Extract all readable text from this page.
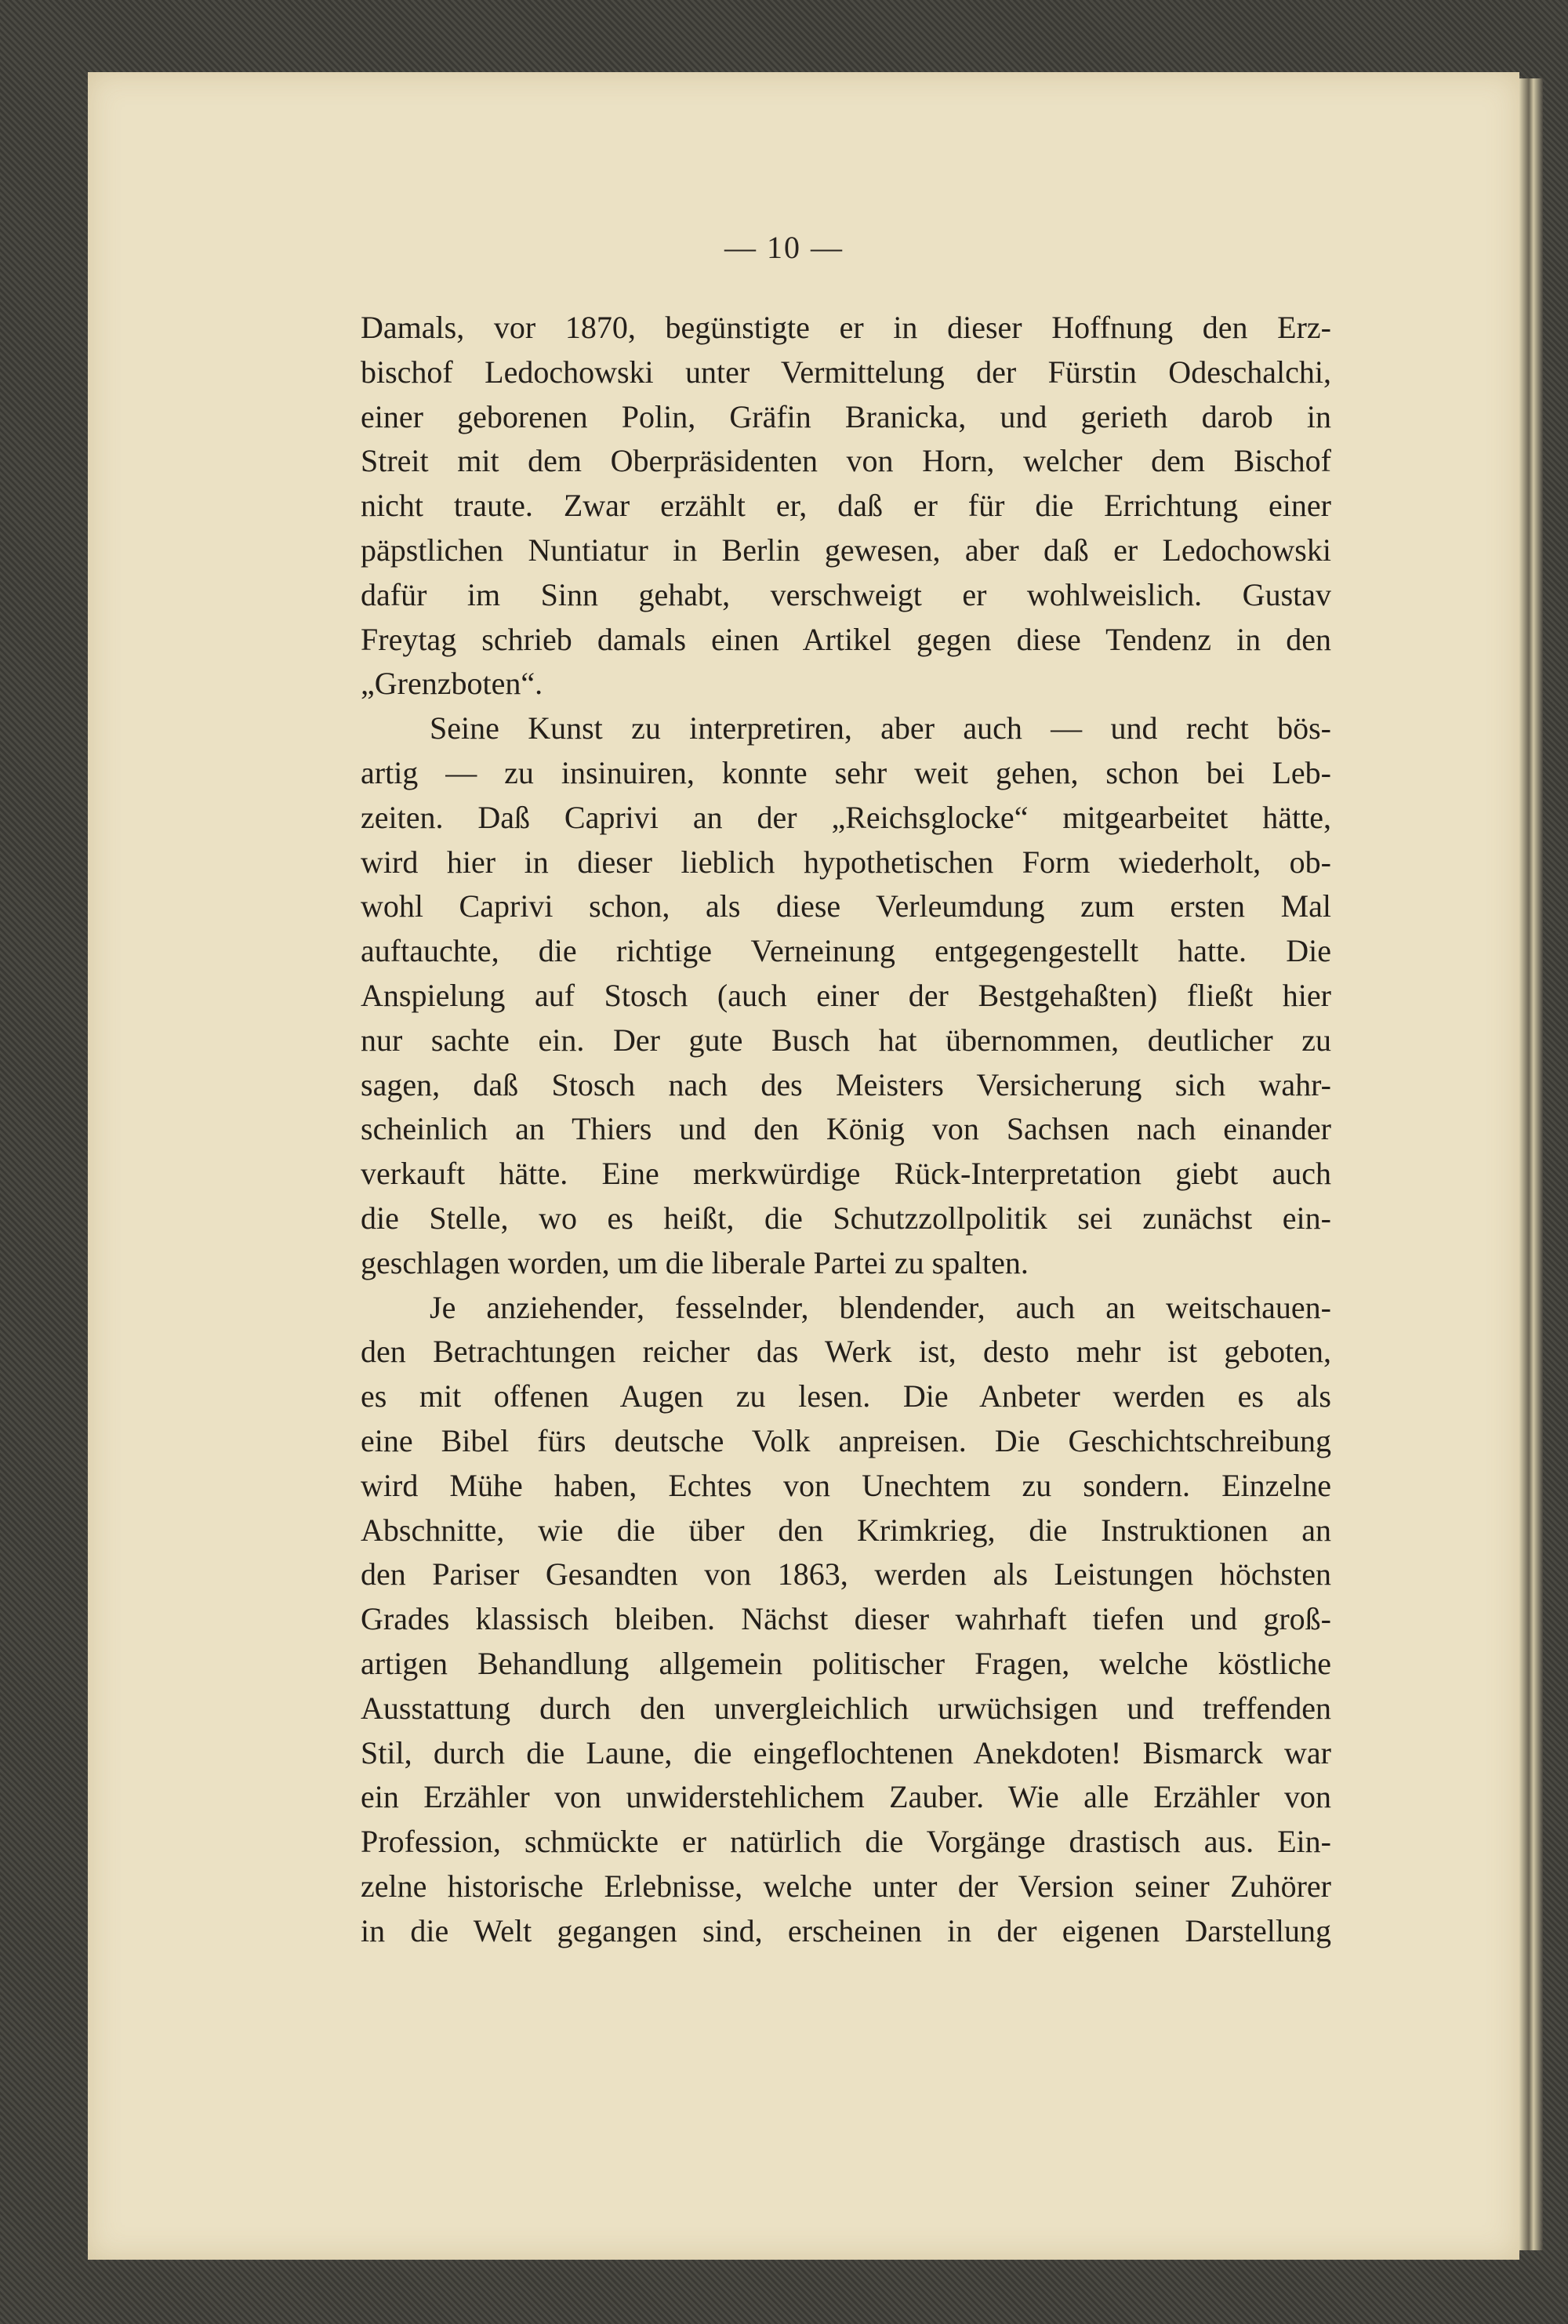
— 10 —
Damals, vor 1870, begünstigte er in dieser Hoffnung den Erz-
bischof Ledochowski unter Vermittelung der Fürstin Odeschalchi,
einer geborenen Polin, Gräfin Branicka, und gerieth darob in
Streit mit dem Oberpräsidenten von Horn, welcher dem Bischof
nicht traute. Zwar erzählt er, daß er für die Errichtung einer
päpstlichen Nuntiatur in Berlin gewesen, aber daß er Ledochowski
dafür im Sinn gehabt, verschweigt er wohlweislich. Gustav
Freytag schrieb damals einen Artikel gegen diese Tendenz in den
„Grenzboten“.
Seine Kunst zu interpretiren, aber auch — und recht bös-
artig — zu insinuiren, konnte sehr weit gehen, schon bei Leb-
zeiten. Daß Caprivi an der „Reichsglocke“ mitgearbeitet hätte,
wird hier in dieser lieblich hypothetischen Form wiederholt, ob-
wohl Caprivi schon, als diese Verleumdung zum ersten Mal
auftauchte, die richtige Verneinung entgegengestellt hatte. Die
Anspielung auf Stosch (auch einer der Bestgehaßten) fließt hier
nur sachte ein. Der gute Busch hat übernommen, deutlicher zu
sagen, daß Stosch nach des Meisters Versicherung sich wahr-
scheinlich an Thiers und den König von Sachsen nach einander
verkauft hätte. Eine merkwürdige Rück-Interpretation giebt auch
die Stelle, wo es heißt, die Schutzzollpolitik sei zunächst ein-
geschlagen worden, um die liberale Partei zu spalten.
Je anziehender, fesselnder, blendender, auch an weitschauen-
den Betrachtungen reicher das Werk ist, desto mehr ist geboten,
es mit offenen Augen zu lesen. Die Anbeter werden es als
eine Bibel fürs deutsche Volk anpreisen. Die Geschichtschreibung
wird Mühe haben, Echtes von Unechtem zu sondern. Einzelne
Abschnitte, wie die über den Krimkrieg, die Instruktionen an
den Pariser Gesandten von 1863, werden als Leistungen höchsten
Grades klassisch bleiben. Nächst dieser wahrhaft tiefen und groß-
artigen Behandlung allgemein politischer Fragen, welche köstliche
Ausstattung durch den unvergleichlich urwüchsigen und treffenden
Stil, durch die Laune, die eingeflochtenen Anekdoten! Bismarck war
ein Erzähler von unwiderstehlichem Zauber. Wie alle Erzähler von
Profession, schmückte er natürlich die Vorgänge drastisch aus. Ein-
zelne historische Erlebnisse, welche unter der Version seiner Zuhörer
in die Welt gegangen sind, erscheinen in der eigenen Darstellung
